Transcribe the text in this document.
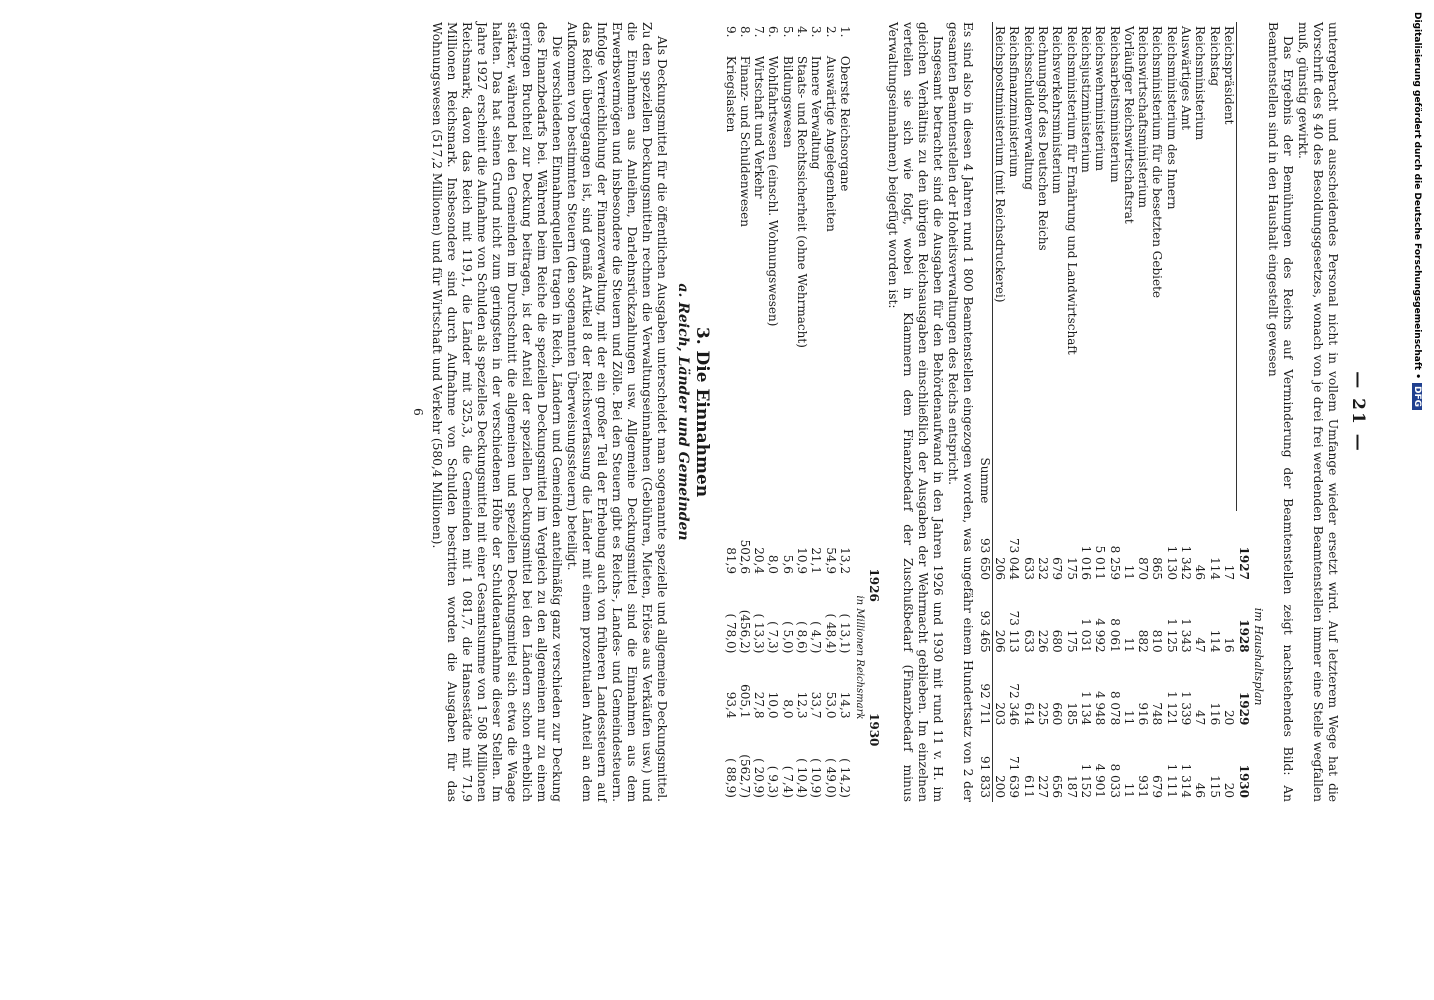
— 21 —

untergebracht und ausscheidendes Personal nicht in vollem Umfange wieder ersetzt wird. Auf letzterem Wege hat die Vorschrift des § 40 des Besoldungsgesetzes, wonach von je drei frei werdenden Beamtenstellen immer eine Stelle wegfallen muß, günstig gewirkt.

Das Ergebnis der Bemühungen des Reichs auf Verminderung der Beamtenstellen zeigt nachstehendes Bild: An Beamtenstellen sind in den Haushalt eingestellt gewesen

	im Haushaltsplan			
	1927	1928	1929	1930
Reichspräsident	17	16	20	20
Reichstag	114	114	116	115
Reichsministerium	46	47	47	46
Auswärtiges Amt	1 342	1 343	1 339	1 314
Reichsministerium des Innern	1 130	1 125	1 121	1 111
Reichsministerium für die besetzten Gebiete	865	810	748	679
Reichswirtschaftsministerium	870	882	916	931
Vorläufiger Reichswirtschaftsrat	11	11	11	11
Reichsarbeitsministerium	8 259	8 061	8 078	8 033
Reichswehrministerium	5 011	4 992	4 948	4 901
Reichsjustizministerium	1 016	1 031	1 134	1 152
Reichsministerium für Ernährung und Landwirtschaft	175	175	185	187
Reichsverkehrsministerium	679	680	660	656
Rechnungshof des Deutschen Reichs	232	226	225	227
Reichsschuldenverwaltung	633	633	614	611
Reichsfinanzministerium	73 044	73 113	72 346	71 639
Reichspostministerium (mit Reichsdruckerei)	206	206	203	200
Summe	93 650	93 465	92 711	91 833

Es sind also in diesen 4 Jahren rund 1 800 Beamtenstellen eingezogen worden, was ungefähr einem Hundertsatz von 2 der gesamten Beamtenstellen der Hoheitsverwaltungen des Reichs entspricht.

Insgesamt betrachtet sind die Ausgaben für den Behördenaufwand in den Jahren 1926 und 1930 mit rund 11 v. H. im gleichen Verhältnis zu den übrigen Reichsausgaben einschließlich der Ausgaben der Wehrmacht geblieben. Im einzelnen verteilen sie sich wie folgt, wobei in Klammern dem Finanzbedarf der Zuschußbedarf (Finanzbedarf minus Verwaltungseinnahmen) beigefügt worden ist:

		1926		1930	
		in Millionen Reichsmark			
1.	Oberste Reichsorgane	13,2	( 13,1)	14,3	( 14,2)
2.	Auswärtige Angelegenheiten	54,9	( 48,4)	53,0	( 49,0)
3.	Innere Verwaltung	21,1	( 4,7)	33,7	( 10,9)
4.	Staats- und Rechtssicherheit (ohne Wehrmacht)	10,9	( 8,6)	12,3	( 10,4)
5.	Bildungswesen	5,6	( 5,0)	8,0	( 7,4)
6.	Wohlfahrtswesen (einschl. Wohnungswesen)	8,0	( 7,3)	10,0	( 9,3)
7.	Wirtschaft und Verkehr	20,4	( 13,3)	27,8	( 20,9)
8.	Finanz- und Schuldenwesen	502,6	(456,2)	605,1	(562,7)
9.	Kriegslasten	81,9	( 78,0)	93,4	( 88,9)
3. Die Einnahmen
a. Reich, Länder und Gemeinden

Als Deckungsmittel für die öffentlichen Ausgaben unterscheidet man sogenannte spezielle und allgemeine Deckungsmittel. Zu den speziellen Deckungsmitteln rechnen die Verwaltungseinnahmen (Gebühren, Mieten, Erlöse aus Verkäufen usw.) und die Einnahmen aus Anleihen, Darlehnsrückzahlungen usw. Allgemeine Deckungsmittel sind die Einnahmen aus dem Erwerbsvermögen und insbesondere die Steuern und Zölle. Bei den Steuern gibt es Reichs-, Landes- und Gemeindesteuern. Infolge Verreichlichung der Finanzverwaltung, mit der ein großer Teil der Erhebung auch von früheren Landessteuern auf das Reich übergegangen ist, sind gemäß Artikel 8 der Reichsverfassung die Länder mit einem prozentualen Anteil an dem Aufkommen von bestimmten Steuern (den sogenannten Überweisungssteuern) beteiligt.

Die verschiedenen Einnahmequellen tragen in Reich, Ländern und Gemeinden anteilmäßig ganz verschieden zur Deckung des Finanzbedarfs bei. Während beim Reiche die speziellen Deckungsmittel im Vergleich zu den allgemeinen nur zu einem geringen Bruchteil zur Deckung beitragen, ist der Anteil der speziellen Deckungsmittel bei den Ländern schon erheblich stärker, während bei den Gemeinden im Durchschnitt die allgemeinen und speziellen Deckungsmittel sich etwa die Waage halten. Das hat seinen Grund nicht zum geringsten in der verschiedenen Höhe der Schuldenaufnahme dieser Stellen. Im Jahre 1927 erscheint die Aufnahme von Schulden als spezielles Deckungsmittel mit einer Gesamtsumme von 1 508 Millionen Reichsmark; davon das Reich mit 119,1, die Länder mit 325,3, die Gemeinden mit 1 081,7, die Hansestädte mit 71,9 Millionen Reichsmark. Insbesondere sind durch Aufnahme von Schulden bestritten worden die Ausgaben für das Wohnungswesen (517,2 Millionen) und für Wirtschaft und Verkehr (580,4 Millionen).

6
Digitalisierung gefördert durch die Deutsche Forschungsgemeinschaft •DFG
